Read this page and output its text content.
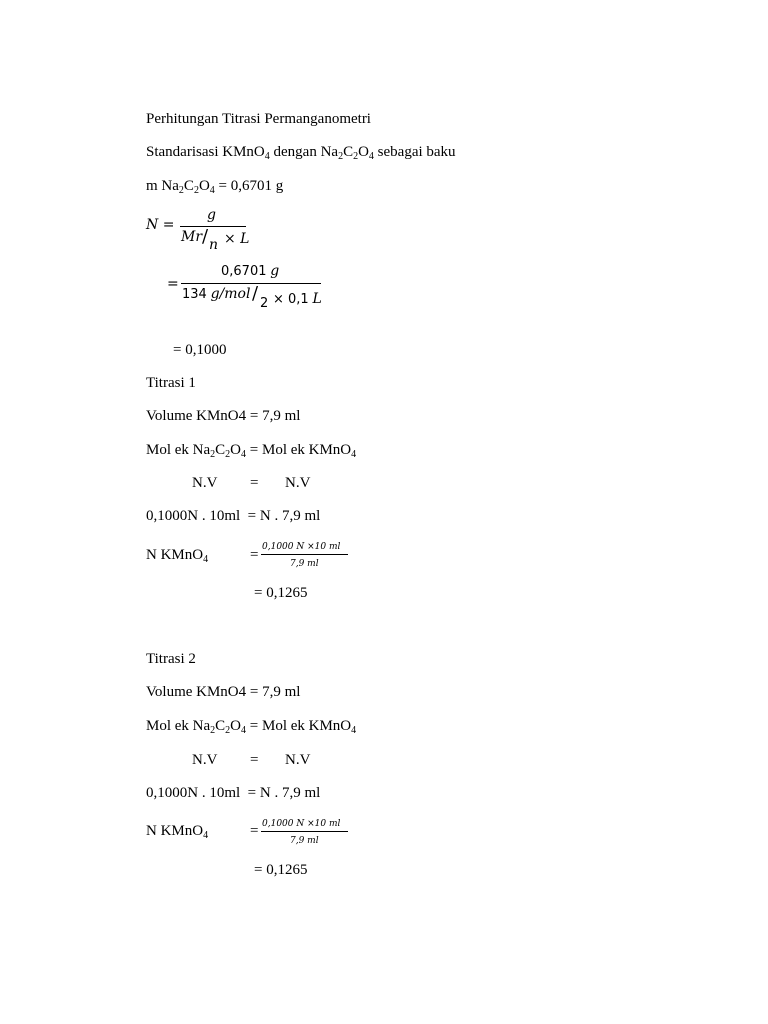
Perhitungan Titrasi Permanganometri
Standarisasi KMnO$_4$ dengan $Na_2C_2O_4$ sebagai baku
m $Na_2C_2O_4 = 0,6701$ g
N =
g
Mr / n × L
=
0,6701 g
134 g/mol / 2 × 0,1 L
= 0,1000
Titrasi 1
Volume KMnO4 = 7,9 ml
Mol ek $Na_2C_2O_4$ = Mol ek KMnO$_4$
N.V = N.V
0,1000N . 10ml  = N . 7,9 ml
N KMnO$_4$	= 0,1000 N ×10 ml
7,9 ml
= 0,1265
Titrasi 2
Volume KMnO4 = 7,9 ml
Mol ek $Na_2C_2O_4$ = Mol ek KMnO$_4$
N.V = N.V
0,1000N . 10ml  = N . 7,9 ml
N KMnO$_4$	= 0,1000 N ×10 ml
7,9 ml
= 0,1265
